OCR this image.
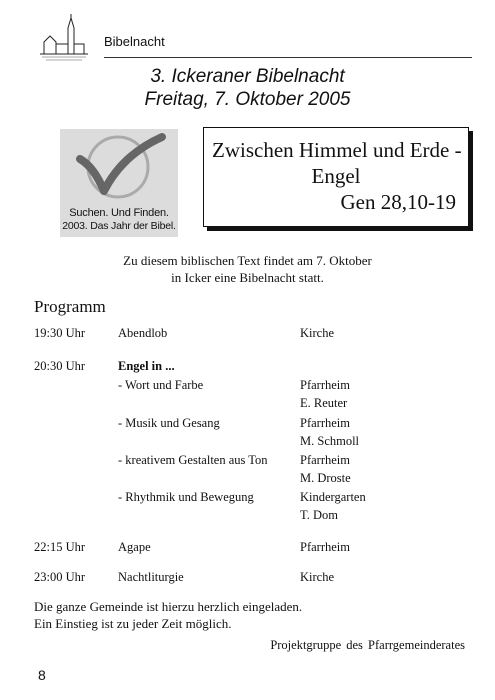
Bibelnacht
3. Ickeraner Bibelnacht
Freitag, 7. Oktober 2005
Suchen. Und Finden.
2003. Das Jahr der Bibel.
Zwischen Himmel und Erde -
Engel
Gen 28,10-19
Zu diesem biblischen Text findet am 7. Oktober
in Icker eine Bibelnacht statt.
Programm
19:30 Uhr	Abendlob	Kirche
20:30 Uhr	Engel in ...
- Wort und Farbe	Pfarrheim
E. Reuter
- Musik und Gesang	Pfarrheim
M. Schmoll
- kreativem Gestalten aus Ton	Pfarrheim
M. Droste
- Rhythmik und Bewegung	Kindergarten
T. Dom
22:15 Uhr	Agape	Pfarrheim
23:00 Uhr	Nachtliturgie	Kirche
Die ganze Gemeinde ist hierzu herzlich eingeladen.
Ein Einstieg ist zu jeder Zeit möglich.
Projektgruppe des Pfarrgemeinderates
8
